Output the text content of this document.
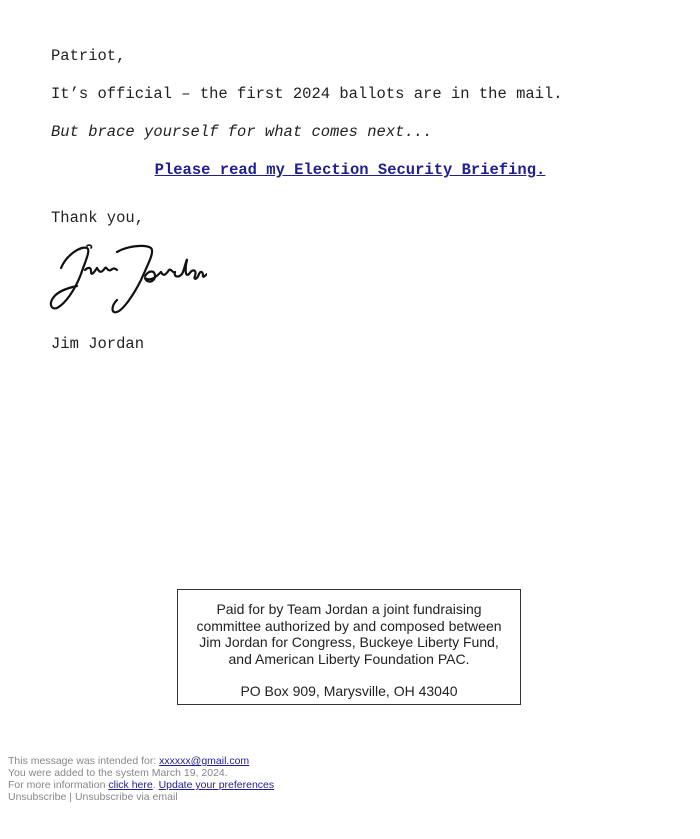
Patriot,
It’s official – the first 2024 ballots are in the mail.
But brace yourself for what comes next...
Please read my Election Security Briefing.
Thank you,
Jim Jordan
Paid for by Team Jordan a joint fundraising
committee authorized by and composed between
Jim Jordan for Congress, Buckeye Liberty Fund,
and American Liberty Foundation PAC.
PO Box 909, Marysville, OH 43040
This message was intended for: xxxxxx@gmail.com
You were added to the system March 19, 2024.
For more information click here. Update your preferences
Unsubscribe | Unsubscribe via email
